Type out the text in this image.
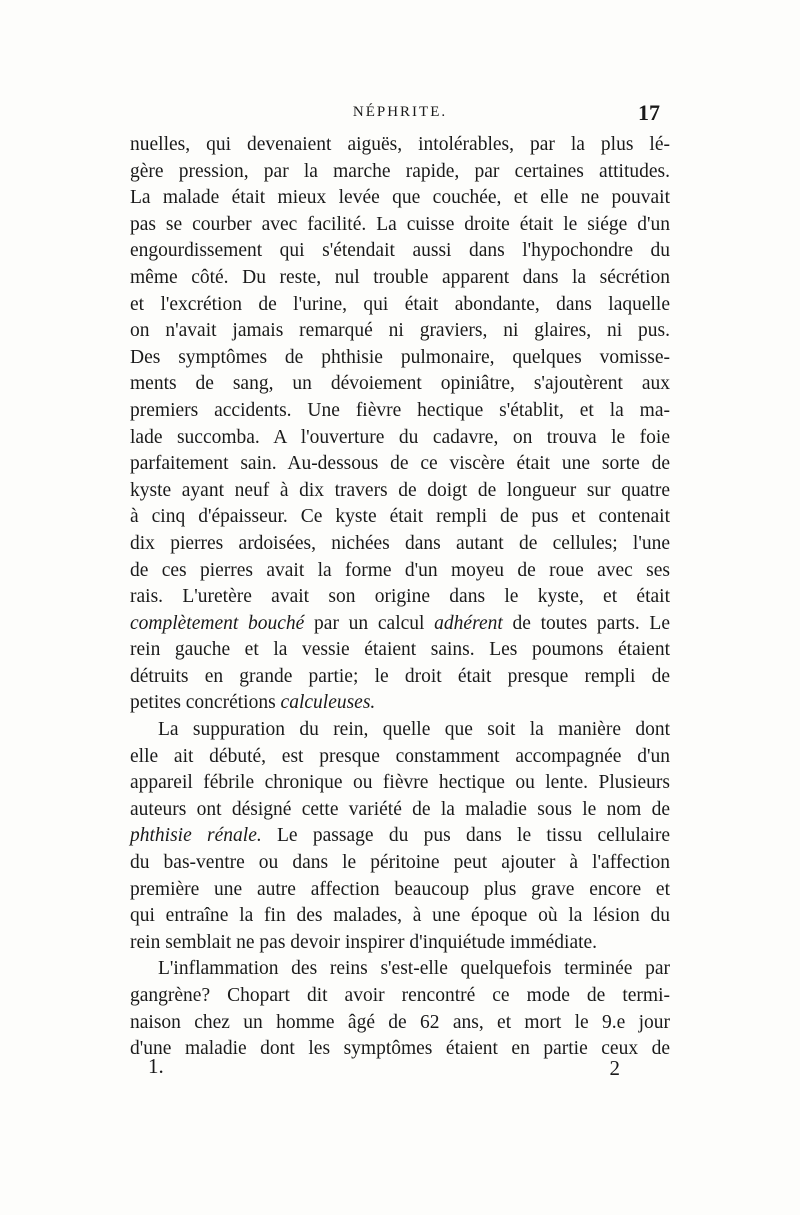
NÉPHRITE.	17
nuelles, qui devenaient aiguës, intolérables, par la plus lé-
gère pression, par la marche rapide, par certaines attitudes.
La malade était mieux levée que couchée, et elle ne pouvait
pas se courber avec facilité. La cuisse droite était le siége d'un
engourdissement qui s'étendait aussi dans l'hypochondre du
même côté. Du reste, nul trouble apparent dans la sécrétion
et l'excrétion de l'urine, qui était abondante, dans laquelle
on n'avait jamais remarqué ni graviers, ni glaires, ni pus.
Des symptômes de phthisie pulmonaire, quelques vomisse-
ments de sang, un dévoiement opiniâtre, s'ajoutèrent aux
premiers accidents. Une fièvre hectique s'établit, et la ma-
lade succomba. A l'ouverture du cadavre, on trouva le foie
parfaitement sain. Au-dessous de ce viscère était une sorte de
kyste ayant neuf à dix travers de doigt de longueur sur quatre
à cinq d'épaisseur. Ce kyste était rempli de pus et contenait
dix pierres ardoisées, nichées dans autant de cellules; l'une
de ces pierres avait la forme d'un moyeu de roue avec ses
rais. L'uretère avait son origine dans le kyste, et était
complètement bouché par un calcul adhérent de toutes parts. Le
rein gauche et la vessie étaient sains. Les poumons étaient
détruits en grande partie; le droit était presque rempli de
petites concrétions calculeuses.
La suppuration du rein, quelle que soit la manière dont
elle ait débuté, est presque constamment accompagnée d'un
appareil fébrile chronique ou fièvre hectique ou lente. Plusieurs
auteurs ont désigné cette variété de la maladie sous le nom de
phthisie rénale. Le passage du pus dans le tissu cellulaire
du bas-ventre ou dans le péritoine peut ajouter à l'affection
première une autre affection beaucoup plus grave encore et
qui entraîne la fin des malades, à une époque où la lésion du
rein semblait ne pas devoir inspirer d'inquiétude immédiate.
L'inflammation des reins s'est-elle quelquefois terminée par
gangrène? Chopart dit avoir rencontré ce mode de termi-
naison chez un homme âgé de 62 ans, et mort le 9.e jour
d'une maladie dont les symptômes étaient en partie ceux de
1.	2
